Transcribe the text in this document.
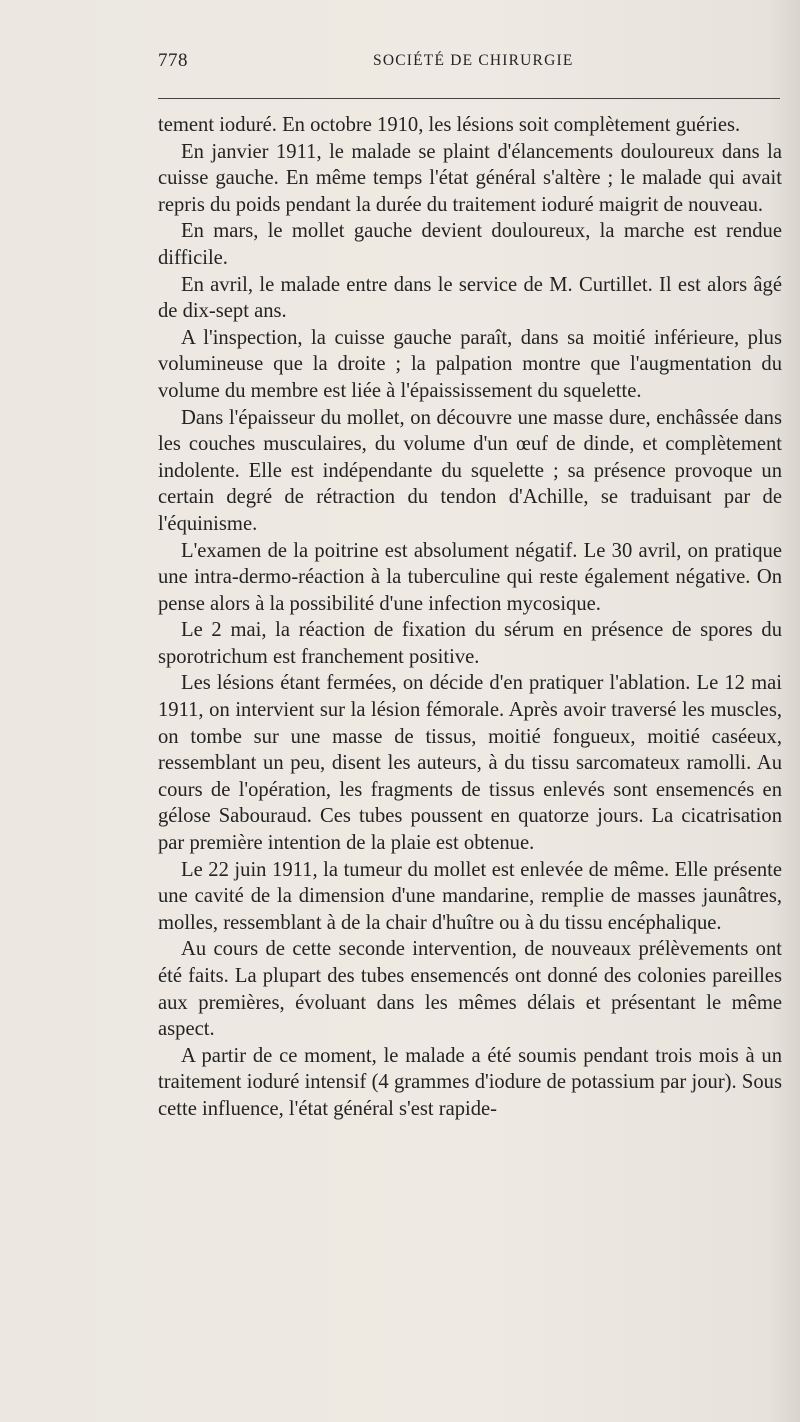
778	SOCIÉTÉ DE CHIRURGIE

tement ioduré. En octobre 1910, les lésions soit complètement guéries.

En janvier 1911, le malade se plaint d'élancements douloureux dans la cuisse gauche. En même temps l'état général s'altère ; le malade qui avait repris du poids pendant la durée du traitement ioduré maigrit de nouveau.

En mars, le mollet gauche devient douloureux, la marche est rendue difficile.

En avril, le malade entre dans le service de M. Curtillet. Il est alors âgé de dix-sept ans.

A l'inspection, la cuisse gauche paraît, dans sa moitié inférieure, plus volumineuse que la droite ; la palpation montre que l'augmentation du volume du membre est liée à l'épaississement du squelette.

Dans l'épaisseur du mollet, on découvre une masse dure, enchâssée dans les couches musculaires, du volume d'un œuf de dinde, et complètement indolente. Elle est indépendante du squelette ; sa présence provoque un certain degré de rétraction du tendon d'Achille, se traduisant par de l'équinisme.

L'examen de la poitrine est absolument négatif. Le 30 avril, on pratique une intra-dermo-réaction à la tuberculine qui reste également négative. On pense alors à la possibilité d'une infection mycosique.

Le 2 mai, la réaction de fixation du sérum en présence de spores du sporotrichum est franchement positive.

Les lésions étant fermées, on décide d'en pratiquer l'ablation. Le 12 mai 1911, on intervient sur la lésion fémorale. Après avoir traversé les muscles, on tombe sur une masse de tissus, moitié fongueux, moitié caséeux, ressemblant un peu, disent les auteurs, à du tissu sarcomateux ramolli. Au cours de l'opération, les fragments de tissus enlevés sont ensemencés en gélose Sabouraud. Ces tubes poussent en quatorze jours. La cicatrisation par première intention de la plaie est obtenue.

Le 22 juin 1911, la tumeur du mollet est enlevée de même. Elle présente une cavité de la dimension d'une mandarine, remplie de masses jaunâtres, molles, ressemblant à de la chair d'huître ou à du tissu encéphalique.

Au cours de cette seconde intervention, de nouveaux prélèvements ont été faits. La plupart des tubes ensemencés ont donné des colonies pareilles aux premières, évoluant dans les mêmes délais et présentant le même aspect.

A partir de ce moment, le malade a été soumis pendant trois mois à un traitement ioduré intensif (4 grammes d'iodure de potassium par jour). Sous cette influence, l'état général s'est rapide-
